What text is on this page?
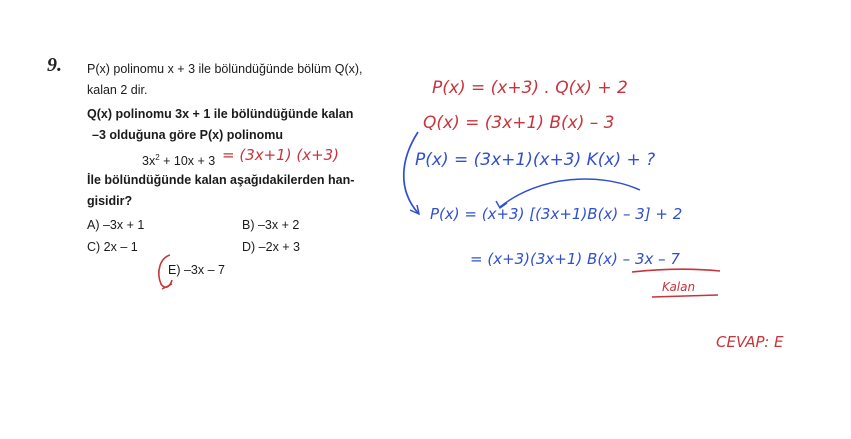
9. P(x) polinomu x + 3 ile bölündüğünde bölüm Q(x),
kalan 2 dir.
Q(x) polinomu 3x + 1 ile bölündüğünde kalan
–3 olduğuna göre P(x) polinomu
$3x^2 + 10x + 3 = (3x+1)$ (x+3)
İle bölündüğünde kalan aşağıdakilerden han-
gisidir?
A) –3x + 1	B) –3x + 2
C) 2x – 1	D) –2x + 3
E) –3x – 7
P(x) = (x+3) . Q(x) + 2
Q(x) = (3x+1) B(x) – 3
P(x) = (3x+1)(x+3) K(x) + ?
P(x) = (x+3) [(3x+1)B(x) – 3] + 2
= (x+3)(3x+1) B(x) – 3x – 7
Kalan
CEVAP: E
